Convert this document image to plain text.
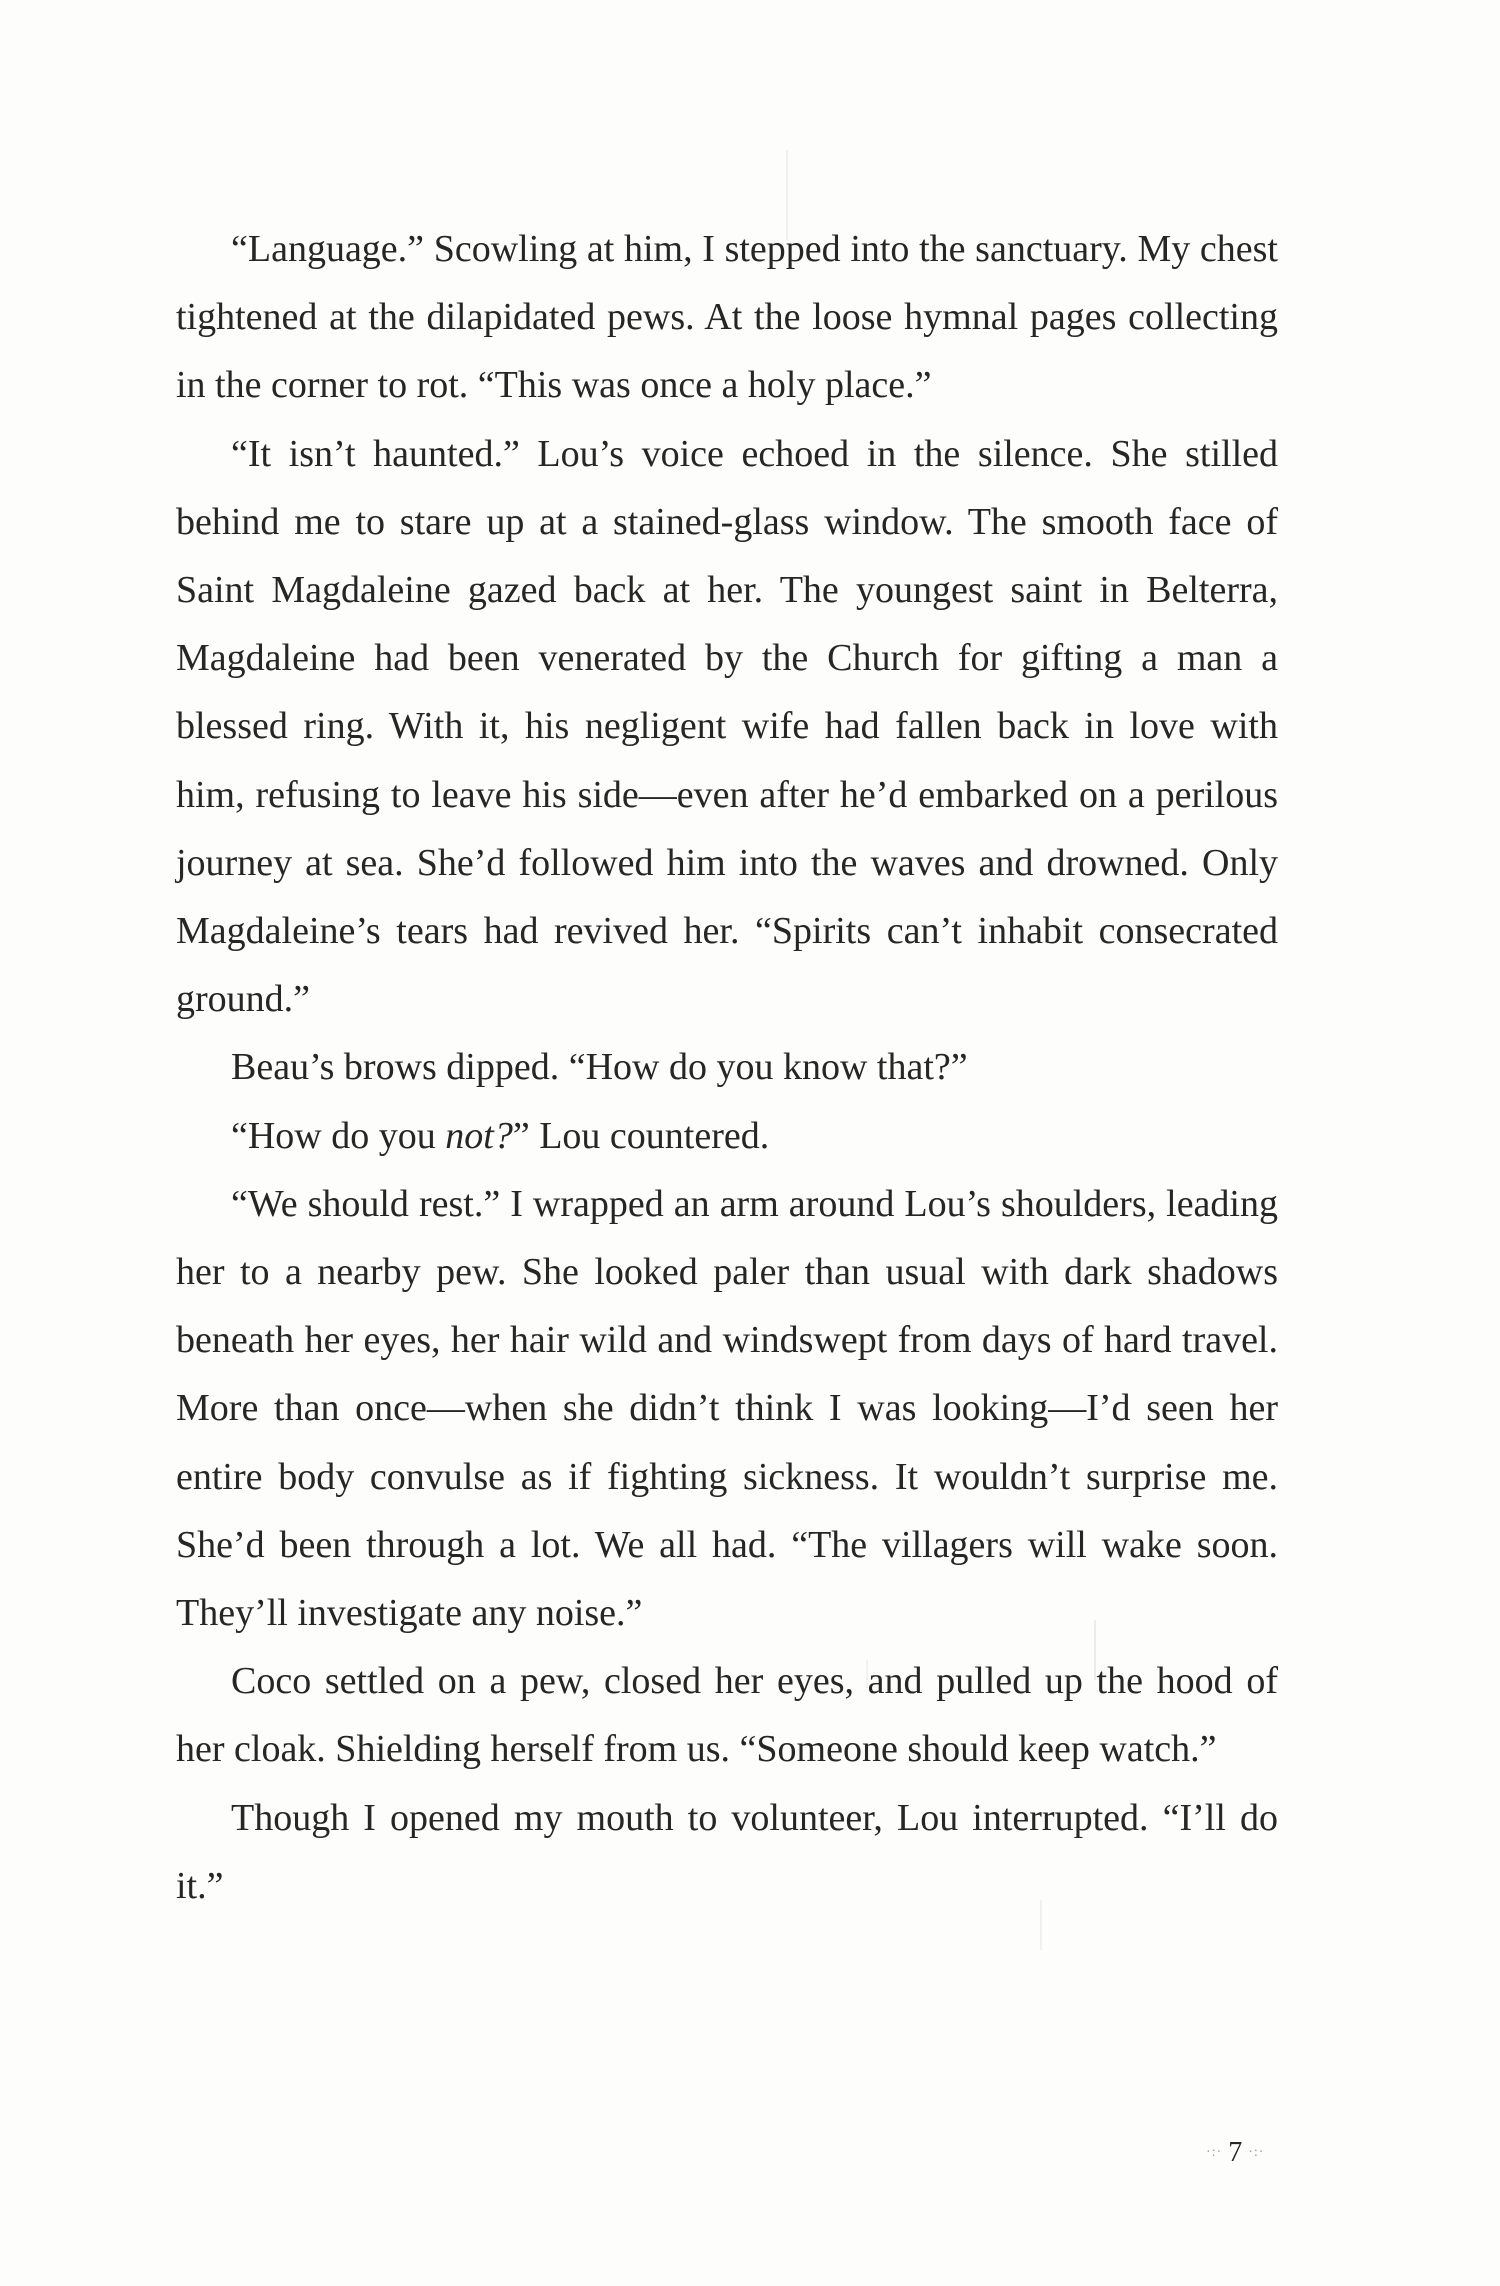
“Language.” Scowling at him, I stepped into the sanctuary. My chest tightened at the dilapidated pews. At the loose hymnal pages collecting in the corner to rot. “This was once a holy place.”

“It isn’t haunted.” Lou’s voice echoed in the silence. She stilled behind me to stare up at a stained-glass window. The smooth face of Saint Magdaleine gazed back at her. The youngest saint in Belterra, Magdaleine had been venerated by the Church for gifting a man a blessed ring. With it, his negligent wife had fallen back in love with him, refusing to leave his side—even after he’d embarked on a perilous journey at sea. She’d followed him into the waves and drowned. Only Magdaleine’s tears had revived her. “Spirits can’t inhabit consecrated ground.”

Beau’s brows dipped. “How do you know that?”

“How do you not?” Lou countered.

“We should rest.” I wrapped an arm around Lou’s shoulders, leading her to a nearby pew. She looked paler than usual with dark shadows beneath her eyes, her hair wild and windswept from days of hard travel. More than once—when she didn’t think I was looking—I’d seen her entire body convulse as if fighting sickness. It wouldn’t surprise me. She’d been through a lot. We all had. “The villagers will wake soon. They’ll investigate any noise.”

Coco settled on a pew, closed her eyes, and pulled up the hood of her cloak. Shielding herself from us. “Someone should keep watch.”

Though I opened my mouth to volunteer, Lou interrupted. “I’ll do it.”

·:· 7 ·:·
